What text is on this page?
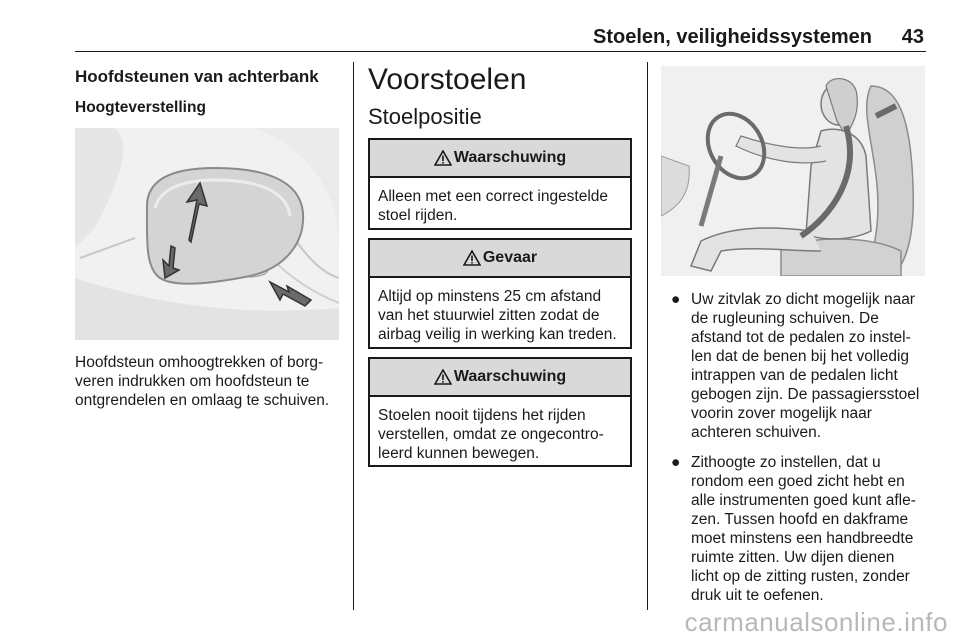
Stoelen, veiligheidssystemen 43
Hoofdsteunen van achterbank
Hoogteverstelling
Hoofdsteun omhoogtrekken of borg-
veren indrukken om hoofdsteun te
ontgrendelen en omlaag te schuiven.
Voorstoelen
Stoelpositie
Waarschuwing
Alleen met een correct ingestelde
stoel rijden.
Gevaar
Altijd op minstens 25 cm afstand
van het stuurwiel zitten zodat de
airbag veilig in werking kan treden.
Waarschuwing
Stoelen nooit tijdens het rijden
verstellen, omdat ze ongecontro-
leerd kunnen bewegen.
● Uw zitvlak zo dicht mogelijk naar
de rugleuning schuiven. De
afstand tot de pedalen zo instel-
len dat de benen bij het volledig
intrappen van de pedalen licht
gebogen zijn. De passagiersstoel
voorin zover mogelijk naar
achteren schuiven.
● Zithoogte zo instellen, dat u
rondom een goed zicht hebt en
alle instrumenten goed kunt afle-
zen. Tussen hoofd en dakframe
moet minstens een handbreedte
ruimte zitten. Uw dijen dienen
licht op de zitting rusten, zonder
druk uit te oefenen.
carmanualsonline.info
